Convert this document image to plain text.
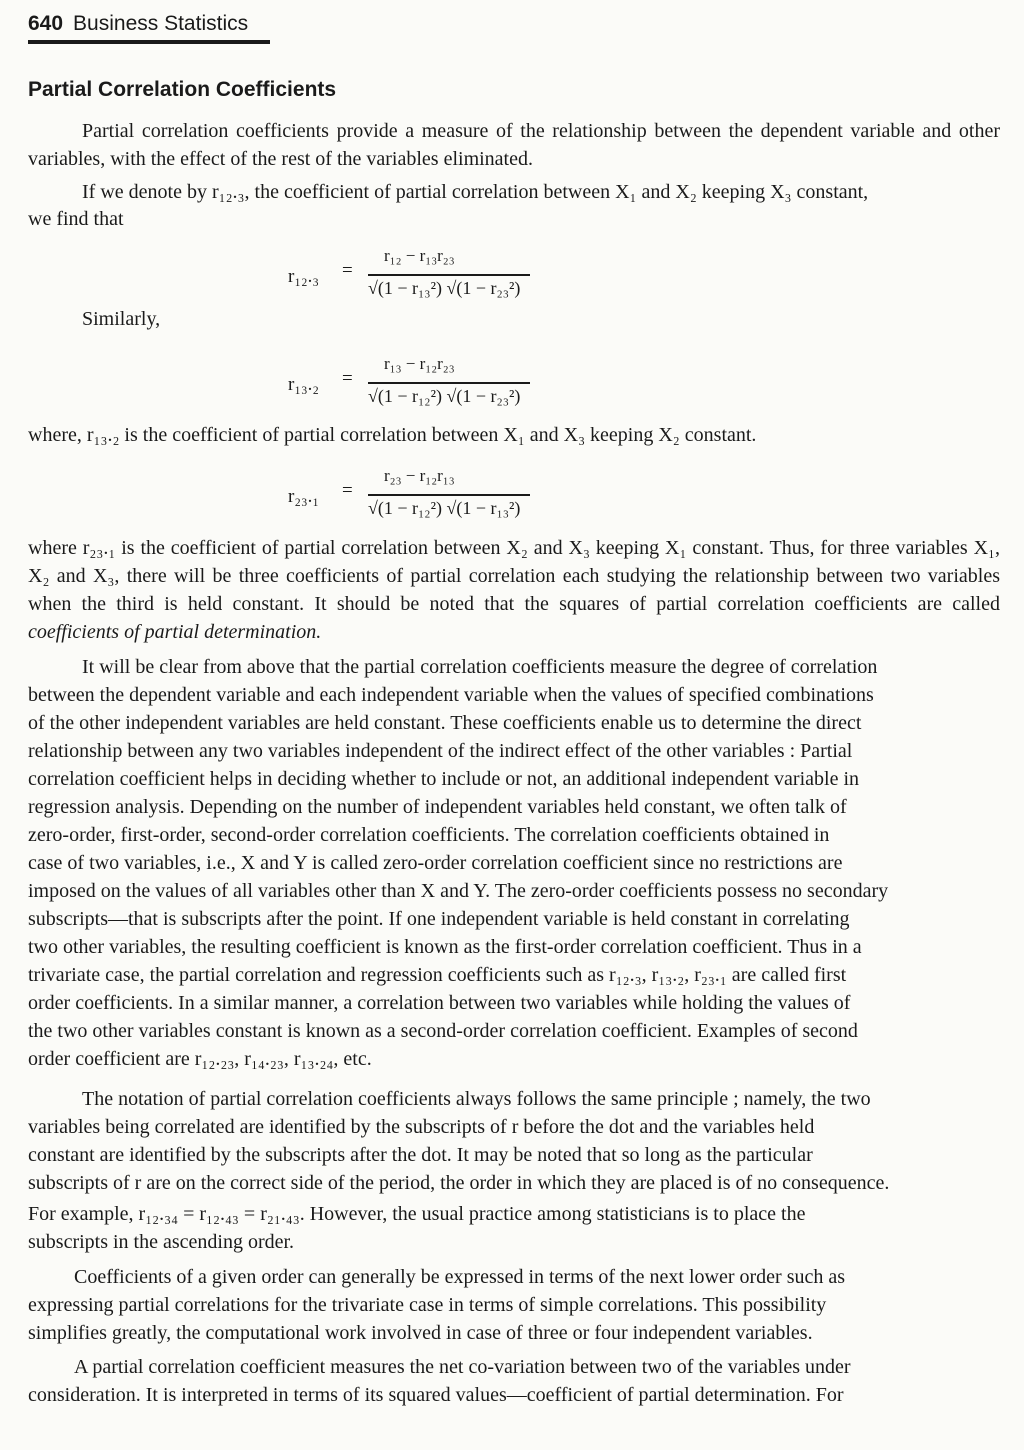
640 Business Statistics
Partial Correlation Coefficients

Partial correlation coefficients provide a measure of the relationship between the dependent variable and other variables, with the effect of the rest of the variables eliminated.

If we denote by r₁₂.₃, the coefficient of partial correlation between X₁ and X₂ keeping X₃ constant,
we find that
r₁₂.₃ =
r₁₂ − r₁₃r₂₃
√(1 − r₁₃²) √(1 − r₂₃²)
Similarly,
r₁₃.₂ =
r₁₃ − r₁₂r₂₃
√(1 − r₁₂²) √(1 − r₂₃²)
where, r₁₃.₂ is the coefficient of partial correlation between X₁ and X₃ keeping X₂ constant.
r₂₃.₁ =
r₂₃ − r₁₂r₁₃
√(1 − r₁₂²) √(1 − r₁₃²)

where r₂₃.₁ is the coefficient of partial correlation between X₂ and X₃ keeping X₁ constant. Thus, for three variables X₁, X₂ and X₃, there will be three coefficients of partial correlation each studying the relationship between two variables when the third is held constant. It should be noted that the squares of partial correlation coefficients are called coefficients of partial determination.

It will be clear from above that the partial correlation coefficients measure the degree of correlation
between the dependent variable and each independent variable when the values of specified combinations
of the other independent variables are held constant. These coefficients enable us to determine the direct
relationship between any two variables independent of the indirect effect of the other variables : Partial
correlation coefficient helps in deciding whether to include or not, an additional independent variable in
regression analysis. Depending on the number of independent variables held constant, we often talk of
zero-order, first-order, second-order correlation coefficients. The correlation coefficients obtained in
case of two variables, i.e., X and Y is called zero-order correlation coefficient since no restrictions are
imposed on the values of all variables other than X and Y. The zero-order coefficients possess no secondary
subscripts—that is subscripts after the point. If one independent variable is held constant in correlating
two other variables, the resulting coefficient is known as the first-order correlation coefficient. Thus in a
trivariate case, the partial correlation and regression coefficients such as r₁₂.₃, r₁₃.₂, r₂₃.₁ are called first
order coefficients. In a similar manner, a correlation between two variables while holding the values of
the two other variables constant is known as a second-order correlation coefficient. Examples of second
order coefficient are r₁₂.₂₃, r₁₄.₂₃, r₁₃.₂₄, etc.
The notation of partial correlation coefficients always follows the same principle ; namely, the two
variables being correlated are identified by the subscripts of r before the dot and the variables held
constant are identified by the subscripts after the dot. It may be noted that so long as the particular
subscripts of r are on the correct side of the period, the order in which they are placed is of no consequence.
For example, r₁₂.₃₄ = r₁₂.₄₃ = r₂₁.₄₃. However, the usual practice among statisticians is to place the
subscripts in the ascending order.
Coefficients of a given order can generally be expressed in terms of the next lower order such as
expressing partial correlations for the trivariate case in terms of simple correlations. This possibility
simplifies greatly, the computational work involved in case of three or four independent variables.
A partial correlation coefficient measures the net co-variation between two of the variables under
consideration. It is interpreted in terms of its squared values—coefficient of partial determination. For
